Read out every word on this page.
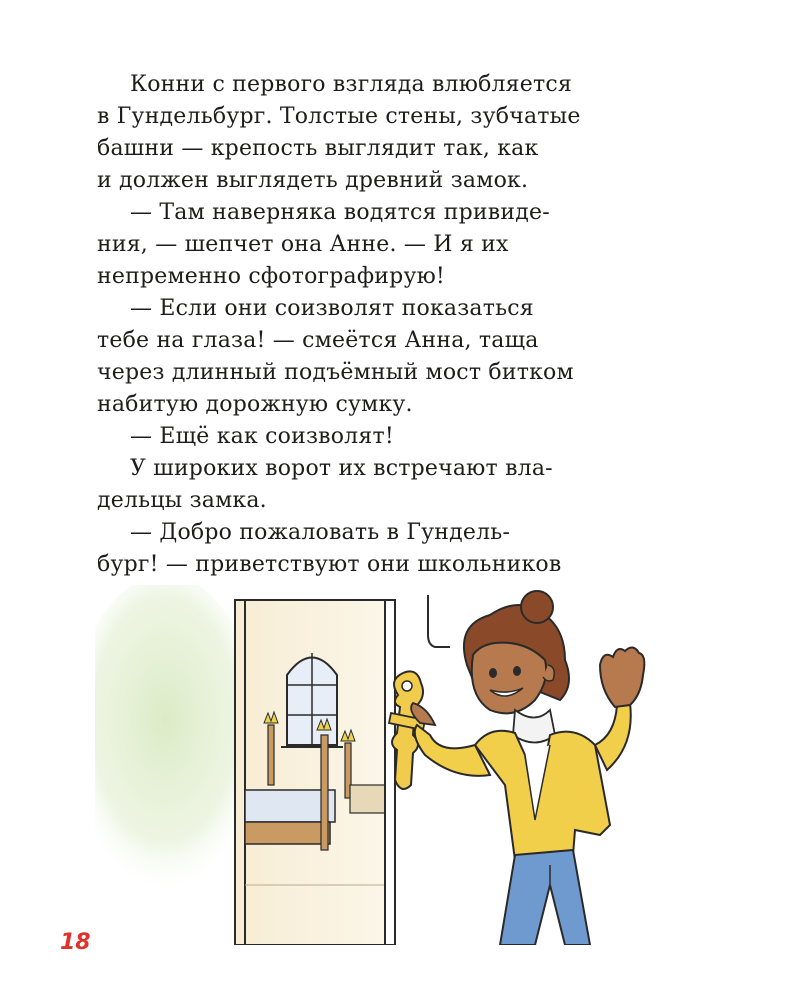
Конни с первого взгляда влюбляется
в Гундельбург. Толстые стены, зубчатые
башни — крепость выглядит так, как
и должен выглядеть древний замок.
— Там наверняка водятся привиде-
ния, — шепчет она Анне. — И я их
непременно сфотографирую!
— Если они соизволят показаться
тебе на глаза! — смеётся Анна, таща
через длинный подъёмный мост битком
набитую дорожную сумку.
— Ещё как соизволят!
У широких ворот их встречают вла-
дельцы замка.
— Добро пожаловать в Гундель-
бург! — приветствуют они школьников
18
